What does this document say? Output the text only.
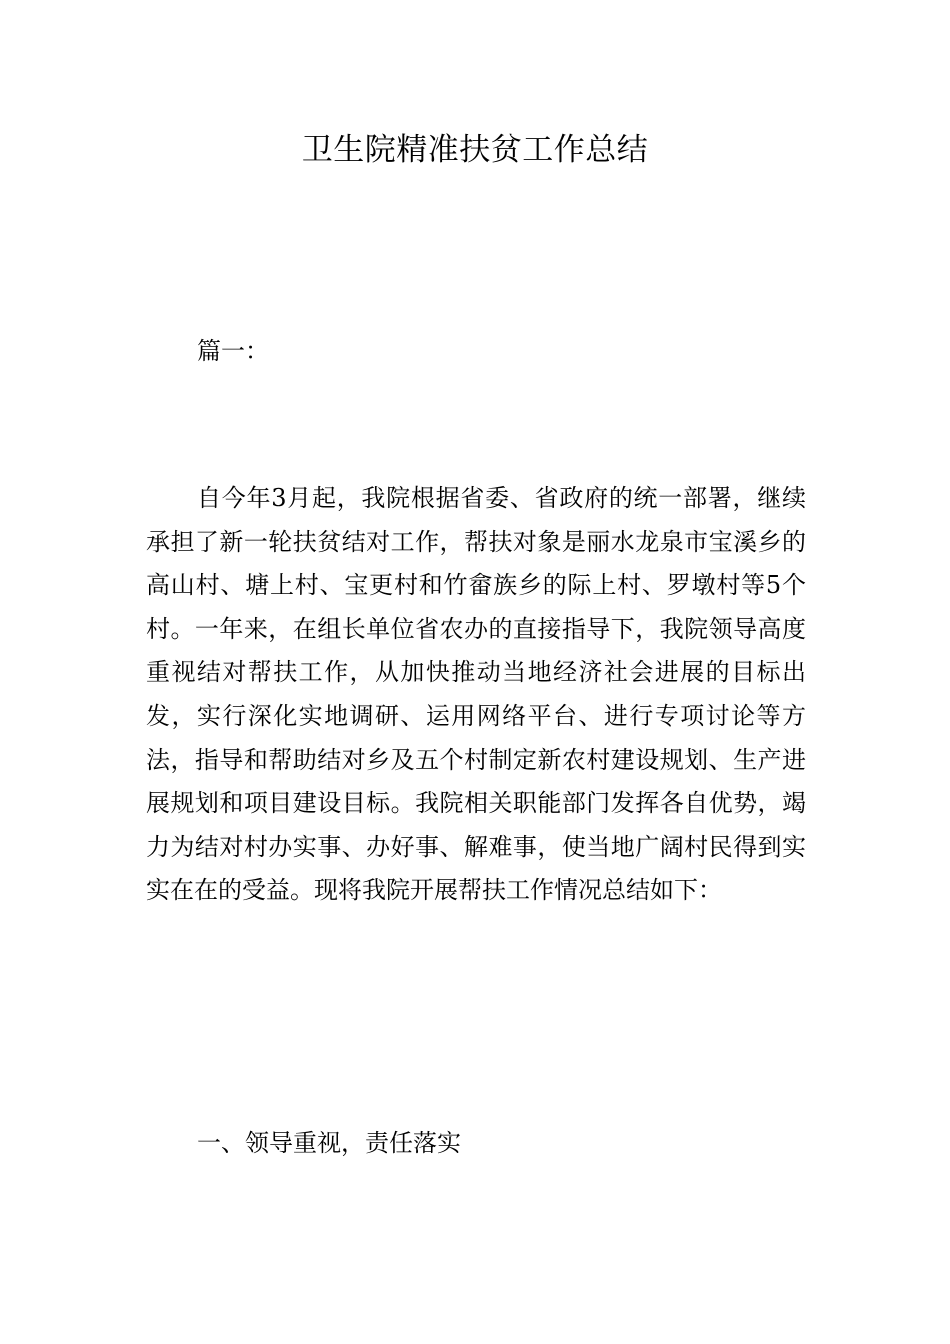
卫生院精准扶贫工作总结

篇一：

自今年3月起，我院根据省委、省政府的统一部署，继续承担了新一轮扶贫结对工作，帮扶对象是丽水龙泉市宝溪乡的高山村、塘上村、宝更村和竹畲族乡的际上村、罗墩村等5个村。一年来，在组长单位省农办的直接指导下，我院领导高度重视结对帮扶工作，从加快推动当地经济社会进展的目标出发，实行深化实地调研、运用网络平台、进行专项讨论等方法，指导和帮助结对乡及五个村制定新农村建设规划、生产进展规划和项目建设目标。我院相关职能部门发挥各自优势，竭力为结对村办实事、办好事、解难事，使当地广阔村民得到实实在在的受益。现将我院开展帮扶工作情况总结如下：

一、领导重视，责任落实
